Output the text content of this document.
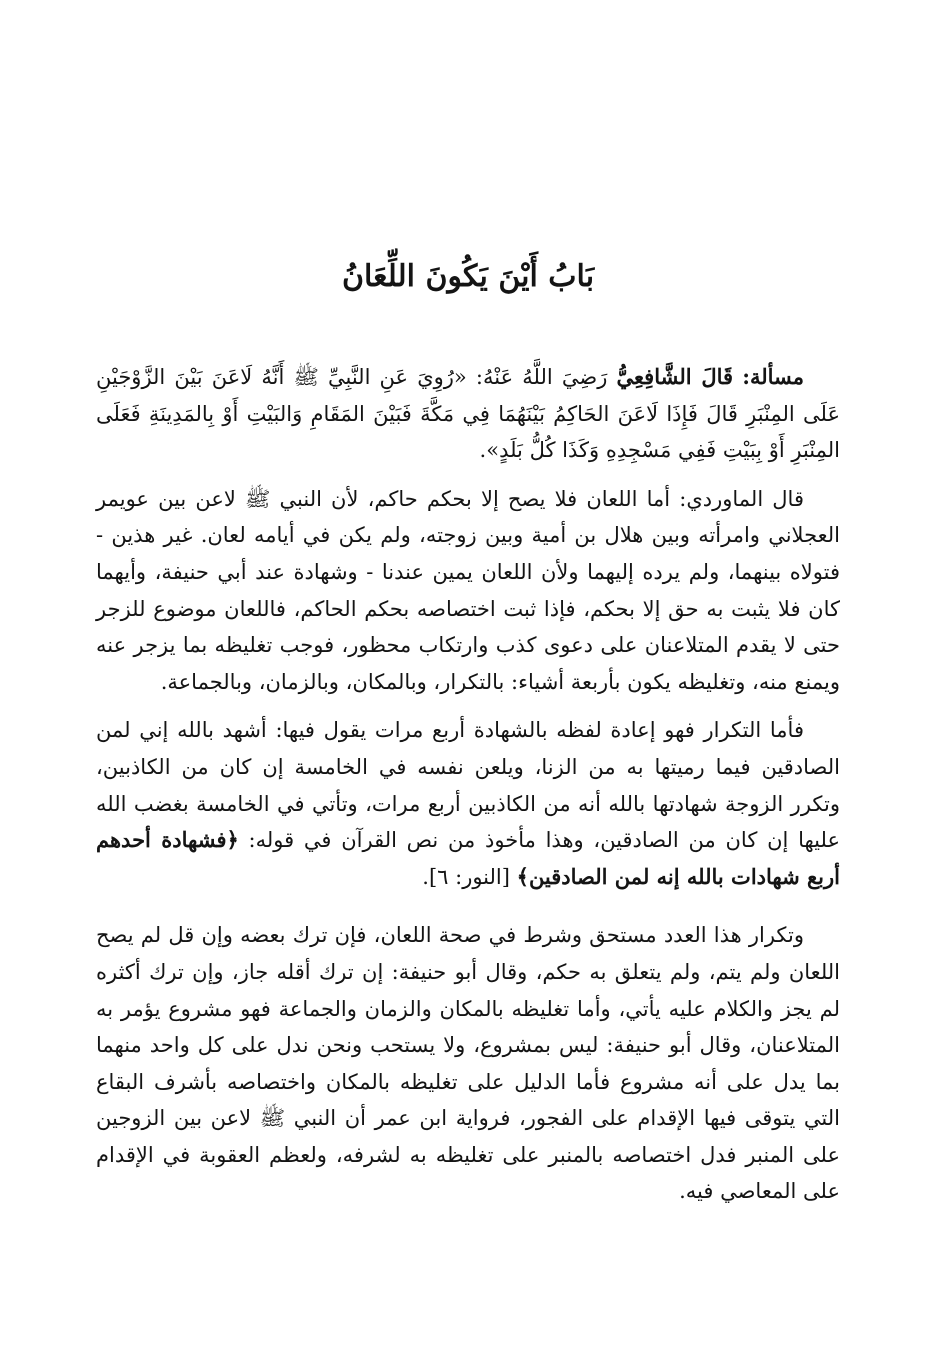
بَابُ أَيْنَ يَكُونَ اللِّعَانُ

مسألة: قَالَ الشَّافِعِيُّ رَضِيَ اللَّهُ عَنْهُ: «رُوِيَ عَنِ النَّبِيِّ ﷺ أَنَّهُ لَاعَنَ بَيْنَ الزَّوْجَيْنِ عَلَى المِنْبَرِ قَالَ فَإِذَا لَاعَنَ الحَاكِمُ بَيْنَهُمَا فِي مَكَّةَ فَبَيْنَ المَقَامِ وَالبَيْتِ أَوْ بِالمَدِينَةِ فَعَلَى المِنْبَرِ أَوْ بِبَيْتِ فَفِي مَسْجِدِهِ وَكَذَا كُلُّ بَلَدٍ».

قال الماوردي: أما اللعان فلا يصح إلا بحكم حاكم، لأن النبي ﷺ لاعن بين عويمر العجلاني وامرأته وبين هلال بن أمية وبين زوجته، ولم يكن في أيامه لعان. غير هذين - فتولاه بينهما، ولم يرده إليهما ولأن اللعان يمين عندنا - وشهادة عند أبي حنيفة، وأيهما كان فلا يثبت به حق إلا بحكم، فإذا ثبت اختصاصه بحكم الحاكم، فاللعان موضوع للزجر حتى لا يقدم المتلاعنان على دعوى كذب وارتكاب محظور، فوجب تغليظه بما يزجر عنه ويمنع منه، وتغليظه يكون بأربعة أشياء: بالتكرار، وبالمكان، وبالزمان، وبالجماعة.

فأما التكرار فهو إعادة لفظه بالشهادة أربع مرات يقول فيها: أشهد بالله إني لمن الصادقين فيما رميتها به من الزنا، ويلعن نفسه في الخامسة إن كان من الكاذبين، وتكرر الزوجة شهادتها بالله أنه من الكاذبين أربع مرات، وتأتي في الخامسة بغضب الله عليها إن كان من الصادقين، وهذا مأخوذ من نص القرآن في قوله: ﴿فشهادة أحدهم أربع شهادات بالله إنه لمن الصادقين﴾ [النور: ٦].

وتكرار هذا العدد مستحق وشرط في صحة اللعان، فإن ترك بعضه وإن قل لم يصح اللعان ولم يتم، ولم يتعلق به حكم، وقال أبو حنيفة: إن ترك أقله جاز، وإن ترك أكثره لم يجز والكلام عليه يأتي، وأما تغليظه بالمكان والزمان والجماعة فهو مشروع يؤمر به المتلاعنان، وقال أبو حنيفة: ليس بمشروع، ولا يستحب ونحن ندل على كل واحد منهما بما يدل على أنه مشروع فأما الدليل على تغليظه بالمكان واختصاصه بأشرف البقاع التي يتوقى فيها الإقدام على الفجور، فرواية ابن عمر أن النبي ﷺ لاعن بين الزوجين على المنبر فدل اختصاصه بالمنبر على تغليظه به لشرفه، ولعظم العقوبة في الإقدام على المعاصي فيه.
